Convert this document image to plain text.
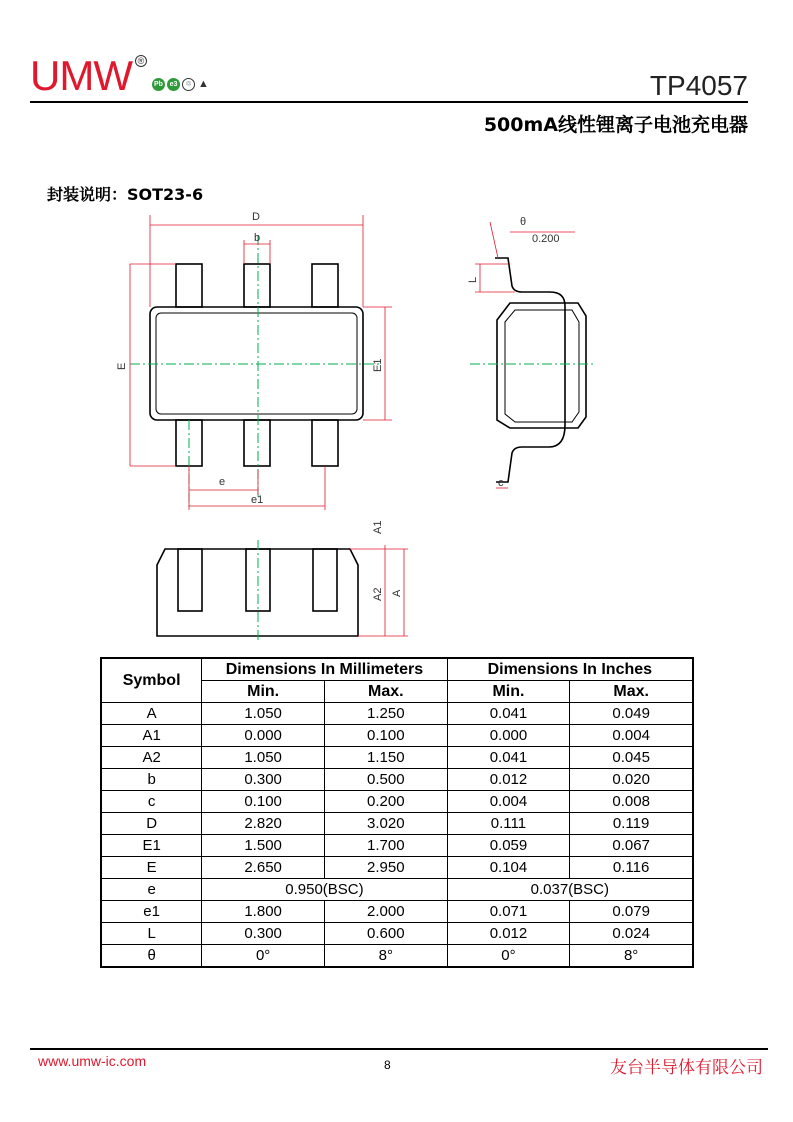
UMW ®
Pb e3	♲ ▲	TP4057
500mA线性锂离子电池充电器
封装说明：SOT23-6
D
b
E	E1
e
e1
θ
0.200
L
c
A1
A2 A
Symbol	Dimensions In Millimeters		Dimensions In Inches	
	Min.	Max.	Min.	Max.
A	1.050	1.250	0.041	0.049
A1	0.000	0.100	0.000	0.004
A2	1.050	1.150	0.041	0.045
b	0.300	0.500	0.012	0.020
c	0.100	0.200	0.004	0.008
D	2.820	3.020	0.111	0.119
E1	1.500	1.700	0.059	0.067
E	2.650	2.950	0.104	0.116
e	0.950(BSC)		0.037(BSC)	
e1	1.800	2.000	0.071	0.079
L	0.300	0.600	0.012	0.024
θ	0°	8°	0°	8°
www.umw-ic.com	8	友台半导体有限公司
